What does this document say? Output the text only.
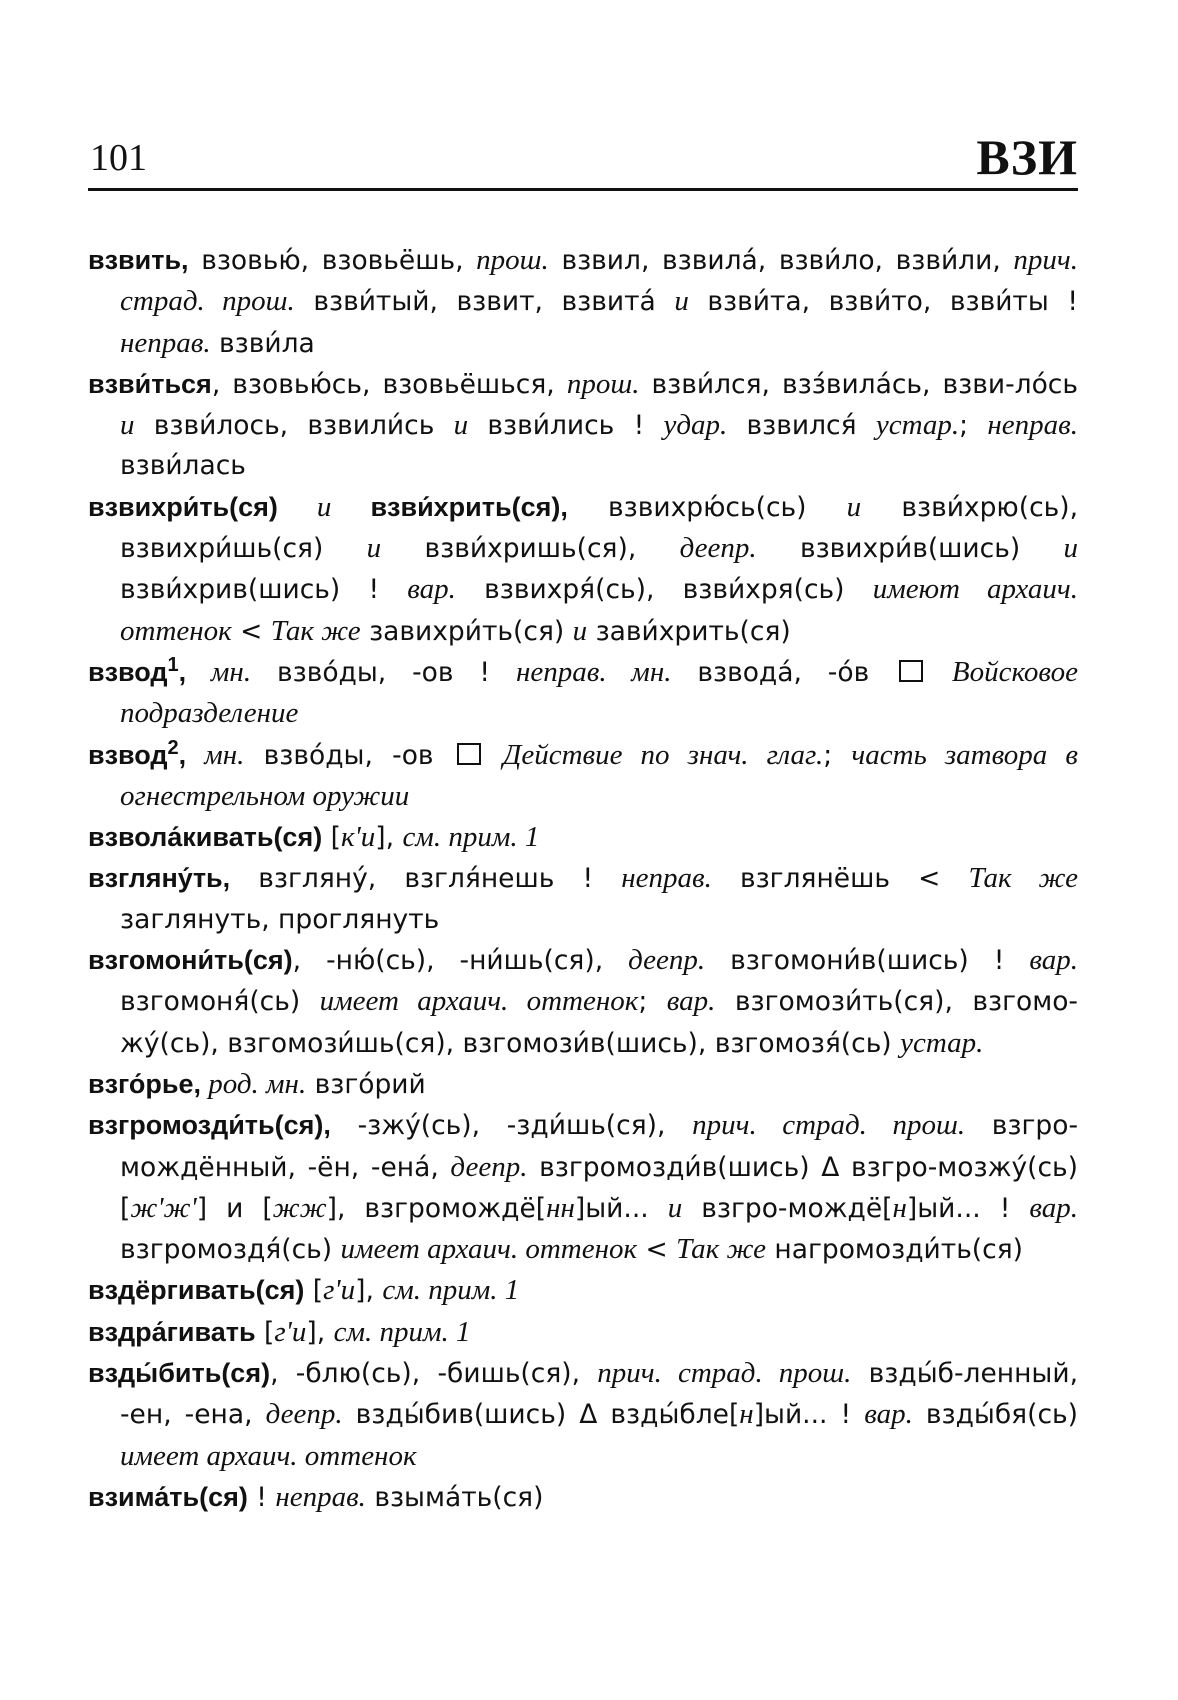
101	ВЗИ

взвить, взовью́, взовьёшь, прош. взвил, взвила́, взви́ло, взви́ли, прич. страд. прош. взви́тый, взвит, взвита́ и взви́та, взви́то, взви́ты ! неправ. взви́ла

взви́ться, взовью́сь, взовьёшься, прош. взви́лся, взз́вила́сь, взви-ло́сь и взви́лось, взвили́сь и взви́лись ! удар. взвился́ устар.; неправ. взви́лась

взвихри́ть(ся) и взви́хрить(ся), взвихрю́сь(сь) и взви́хрю(сь), взвихри́шь(ся) и взви́хришь(ся), деепр. взвихри́в(шись) и взви́хрив(шись) ! вар. взвихря́(сь), взви́хря(сь) имеют архаич. оттенок < Так же завихри́ть(ся) и зави́хрить(ся)

взвод$^1$, мн. взво́ды, -ов ! неправ. мн. взвода́, -о́в  Войсковое подразделение

взвод$^2$, мн. взво́ды, -ов  Действие по знач. глаг.; часть затвора в огнестрельном оружии

взвола́кивать(ся) [к'и], см. прим. 1

взгляну́ть, взгляну́, взгля́нешь ! неправ. взглянёшь < Так же заглянуть, проглянуть

взгомони́ть(ся), -ню́(сь), -ни́шь(ся), деепр. взгомони́в(шись) ! вар. взгомоня́(сь) имеет архаич. оттенок; вар. взгомози́ть(ся), взгомо-жу́(сь), взгомози́шь(ся), взгомози́в(шись), взгомозя́(сь) устар.

взго́рье, род. мн. взго́рий

взгромозди́ть(ся), -зжу́(сь), -зди́шь(ся), прич. страд. прош. взгро-мождённый, -ён, -ена́, деепр. взгромозди́в(шись) Δ взгро-мозжу́(сь) [ж'ж'] и [жж], взгромождё[нн]ый... и взгро-мождё[н]ый... ! вар. взгромоздя́(сь) имеет архаич. оттенок < Так же нагромозди́ть(ся)

вздёргивать(ся) [г'и], см. прим. 1

вздра́гивать [г'и], см. прим. 1

взды́бить(ся), -блю(сь), -бишь(ся), прич. страд. прош. взды́б-ленный, -ен, -ена, деепр. взды́бив(шись) Δ взды́бле[н]ый... ! вар. взды́бя(сь) имеет архаич. оттенок

взима́ть(ся) ! неправ. взыма́ть(ся)
